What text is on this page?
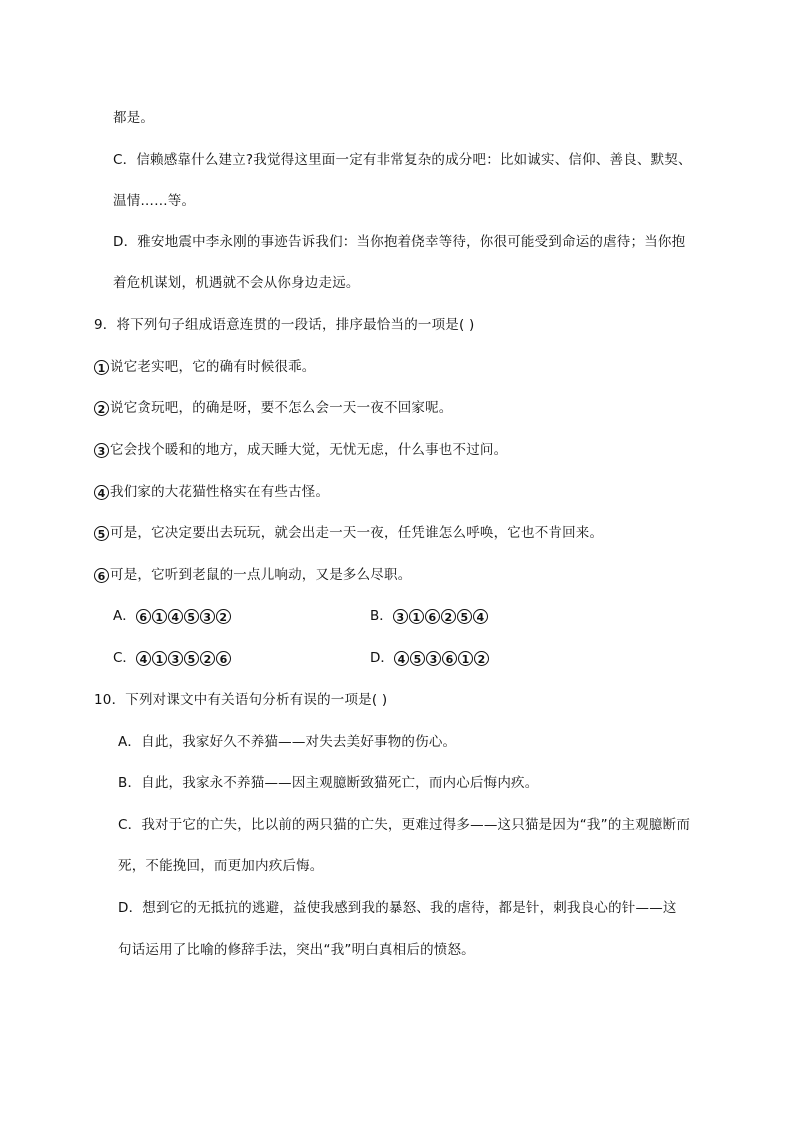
都是。
C．信赖感靠什么建立?我觉得这里面一定有非常复杂的成分吧：比如诚实、信仰、善良、默契、
温情……等。
D．雅安地震中李永刚的事迹告诉我们：当你抱着侥幸等待，你很可能受到命运的虐待；当你抱
着危机谋划，机遇就不会从你身边走远。
9．将下列句子组成语意连贯的一段话，排序最恰当的一项是( )
1 说它老实吧，它的确有时候很乖。
2 说它贪玩吧，的确是呀，要不怎么会一天一夜不回家呢。
3 它会找个暖和的地方，成天睡大觉，无忧无虑，什么事也不过问。
4 我们家的大花猫性格实在有些古怪。
5 可是，它决定要出去玩玩，就会出走一天一夜，任凭谁怎么呼唤，它也不肯回来。
6 可是，它听到老鼠的一点儿响动，又是多么尽职。
A． 6 1 4 5 3 2	B． 3 1 6 2 5 4
C． 4 1 3 5 2 6	D． 4 5 3 6 1 2
10．下列对课文中有关语句分析有误的一项是( )
A．自此，我家好久不养猫——对失去美好事物的伤心。
B．自此，我家永不养猫——因主观臆断致猫死亡，而内心后悔内疚。
C．我对于它的亡失，比以前的两只猫的亡失，更难过得多——这只猫是因为“我”的主观臆断而
死，不能挽回，而更加内疚后悔。
D．想到它的无抵抗的逃避，益使我感到我的暴怒、我的虐待，都是针，刺我良心的针——这
句话运用了比喻的修辞手法，突出“我”明白真相后的愤怒。
